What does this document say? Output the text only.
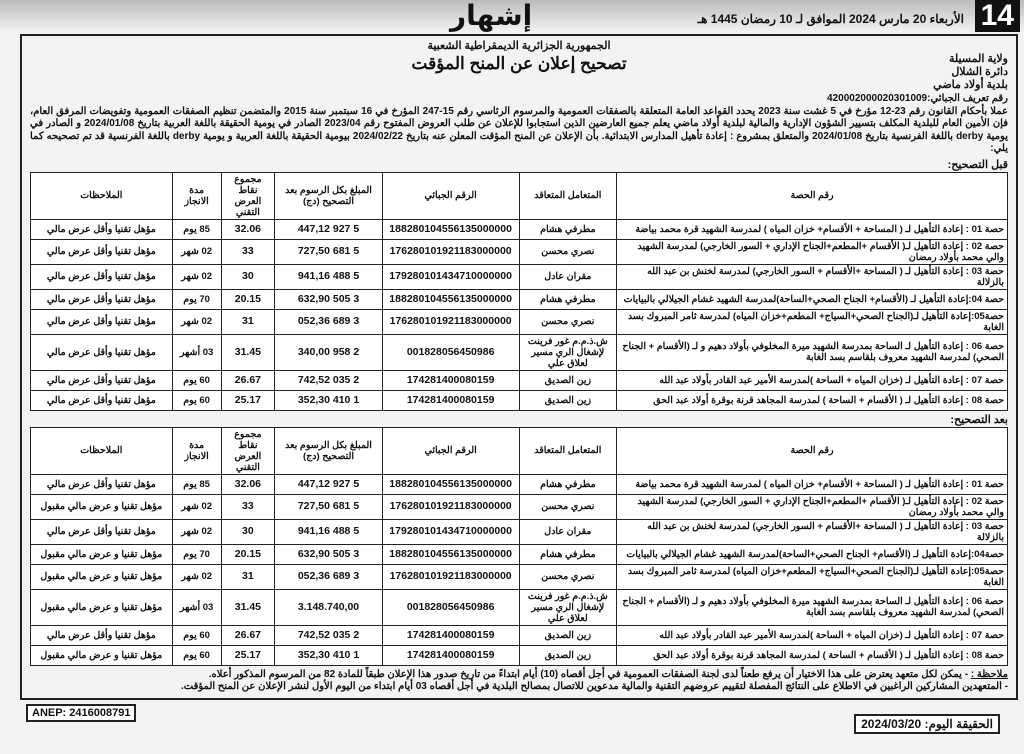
14
الأربعاء 20 مارس 2024 الموافق لـ 10 رمضان 1445 هـ
إشهار
الجمهورية الجزائرية الديمقراطية الشعبية
ولاية المسيلة
دائرة الشلال
بلدية أولاد ماضي
تصحيح إعلان عن المنح المؤقت
رقم تعريف الجبائي:420002000020301009
عملا بأحكام القانون رقم 23-12 مؤرخ في 5 غشت سنة 2023 يحدد القواعد العامة المتعلقة بالصفقات العمومية والمرسوم الرئاسي رقم 15-247 المؤرخ في 16 سبتمبر سنة 2015 والمتضمن تنظيم الصفقات العمومية وتفويضات المرفق العام، فإن الأمين العام للبلدية المكلف بتسيير الشؤون الإدارية والمالية لبلدية أولاد ماضي يعلم جميع العارضين الذين استجابوا للإعلان عن طلب العروض المفتوح رقم 2023/04 الصادر في يومية الحقيقة باللغة العربية بتاريخ 2024/01/08 و الصادر في يومية derby باللغة الفرنسية بتاريخ 2024/01/08 والمتعلق بمشروع : إعادة تأهيل المدارس الابتدائية. بأن الإعلان عن المنح المؤقت المعلن عنه بتاريخ 2024/02/22 بيومية الحقيقة باللغة العربية و يومية derby باللغة الفرنسية قد تم تصحيحه كما يلي:
قبل التصحيح:
رقم الحصة	المتعامل المتعاقد	الرقم الجبائي	المبلغ بكل الرسوم بعد التصحيح (دج)	مجموع نقاط العرض التقني	مدة الانجاز	الملاحظات
حصة 01 : إعادة التأهيل لـ ( المساحة + الأقسام+ خزان المياه ) لمدرسة الشهيد قرة محمد بياضة	مطرفي هشام	188280104556135000000	5 927 447,12	32.06	85 يوم	مؤهل تقنيا وأقل عرض مالي
حصة 02 : إعادة التأهيل لـ( الأقسام +المطعم+الجناح الإداري + السور الخارجي) لمدرسة الشهيد والي محمد بأولاد رمضان	نصري محسن	176280101921183000000	5 681 727,50	33	02 شهر	مؤهل تقنيا وأقل عرض مالي
حصة 03 : إعادة التأهيل لـ ( المساحة +الأقسام + السور الخارجي) لمدرسة لخنش بن عبد الله بالزلالة	مقران عادل	179280101434710000000	5 488 941,16	30	02 شهر	مؤهل تقنيا وأقل عرض مالي
حصة 04:إعادة التأهيل لـ (الأقسام+ الجناح الصحي+الساحة)لمدرسة الشهيد غشام الجيلالي بالبيايات	مطرفي هشام	188280104556135000000	3 505 632,90	20.15	70 يوم	مؤهل تقنيا وأقل عرض مالي
حصة05:إعادة التأهيل لـ(الجناح الصحي+السياج+ المطعم+خزان المياه) لمدرسة ثامر المبروك بسد الغابة	نصري محسن	176280101921183000000	3 689 052,36	31	02 شهر	مؤهل تقنيا وأقل عرض مالي
حصة 06 : إعادة التأهيل لـ الساحة بمدرسة الشهيد ميرة المخلوفي بأولاد دهيم و لـ (الأقسام + الجناح الصحي) لمدرسة الشهيد معروف بلقاسم بسد الغابة	ش.ذ.م.م غور فرينت لإشغال الري مسير لعلاق علي	001828056450986	2 958 340,00	31.45	03 أشهر	مؤهل تقنيا وأقل عرض مالي
حصة 07 : إعادة التأهيل لـ (خزان المياه + الساحة )لمدرسة الأمير عبد القادر بأولاد عبد الله	زين الصديق	174281400080159	2 035 742,52	26.67	60 يوم	مؤهل تقنيا وأقل عرض مالي
حصة 08 : إعادة التأهيل لـ ( الأقسام + الساحة ) لمدرسة المجاهد قرنة بوقرة أولاد عبد الحق	زين الصديق	174281400080159	1 410 352,30	25.17	60 يوم	مؤهل تقنيا وأقل عرض مالي
بعد التصحيح:
رقم الحصة	المتعامل المتعاقد	الرقم الجبائي	المبلغ بكل الرسوم بعد التصحيح (دج)	مجموع نقاط العرض التقني	مدة الانجاز	الملاحظات
حصة 01 : إعادة التأهيل لـ ( المساحة + الأقسام+ خزان المياه ) لمدرسة الشهيد قرة محمد بياضة	مطرفي هشام	188280104556135000000	5 927 447,12	32.06	85 يوم	مؤهل تقنيا وأقل عرض مالي
حصة 02 : إعادة التأهيل لـ( الأقسام +المطعم+الجناح الإداري + السور الخارجي) لمدرسة الشهيد والي محمد بأولاد رمضان	نصري محسن	176280101921183000000	5 681 727,50	33	02 شهر	مؤهل تقنيا و عرض مالي مقبول
حصة 03 : إعادة التأهيل لـ ( المساحة +الأقسام + السور الخارجي) لمدرسة لخنش بن عبد الله بالزلالة	مقران عادل	179280101434710000000	5 488 941,16	30	02 شهر	مؤهل تقنيا وأقل عرض مالي
حصة04:إعادة التأهيل لـ (الأقسام+ الجناح الصحي+الساحة)لمدرسة الشهيد غشام الجيلالي بالبيايات	مطرفي هشام	188280104556135000000	3 505 632,90	20.15	70 يوم	مؤهل تقنيا و عرض مالي مقبول
حصة05:إعادة التأهيل لـ(الجناح الصحي+السياج+ المطعم+خزان المياه) لمدرسة ثامر المبروك بسد الغابة	نصري محسن	176280101921183000000	3 689 052,36	31	02 شهر	مؤهل تقنيا و عرض مالي مقبول
حصة 06 : إعادة التأهيل لـ الساحة بمدرسة الشهيد ميرة المخلوفي بأولاد دهيم و لـ (الأقسام + الجناح الصحي) لمدرسة الشهيد معروف بلقاسم بسد الغابة	ش.ذ.م.م غور فرينت لإشغال الري مسير لعلاق علي	001828056450986	3.148.740,00	31.45	03 أشهر	مؤهل تقنيا و عرض مالي مقبول
حصة 07 : إعادة التأهيل لـ (خزان المياه + الساحة )لمدرسة الأمير عبد القادر بأولاد عبد الله	زين الصديق	174281400080159	2 035 742,52	26.67	60 يوم	مؤهل تقنيا وأقل عرض مالي
حصة 08 : إعادة التأهيل لـ ( الأقسام + الساحة ) لمدرسة المجاهد قرنة بوقرة أولاد عبد الحق	زين الصديق	174281400080159	1 410 352,30	25.17	60 يوم	مؤهل تقنيا و عرض مالي مقبول
ملاحظة : - يمكن لكل متعهد يعترض على هذا الاختيار أن يرفع طعناً لدى لجنة الصفقات العمومية في أجل أقصاه (10) أيام ابتداءً من تاريخ صدور هذا الإعلان طبقاً للمادة 82 من المرسوم المذكور أعلاه.
- المتعهدين المشاركين الراغبين في الاطلاع على النتائج المفصلة لتقييم عروضهم التقنية والمالية مدعوين للاتصال بمصالح البلدية في أجل أقصاه 03 أيام ابتداء من اليوم الأول لنشر الإعلان عن المنح المؤقت.
ANEP: 2416008791
الحقيقة اليوم: 2024/03/20
